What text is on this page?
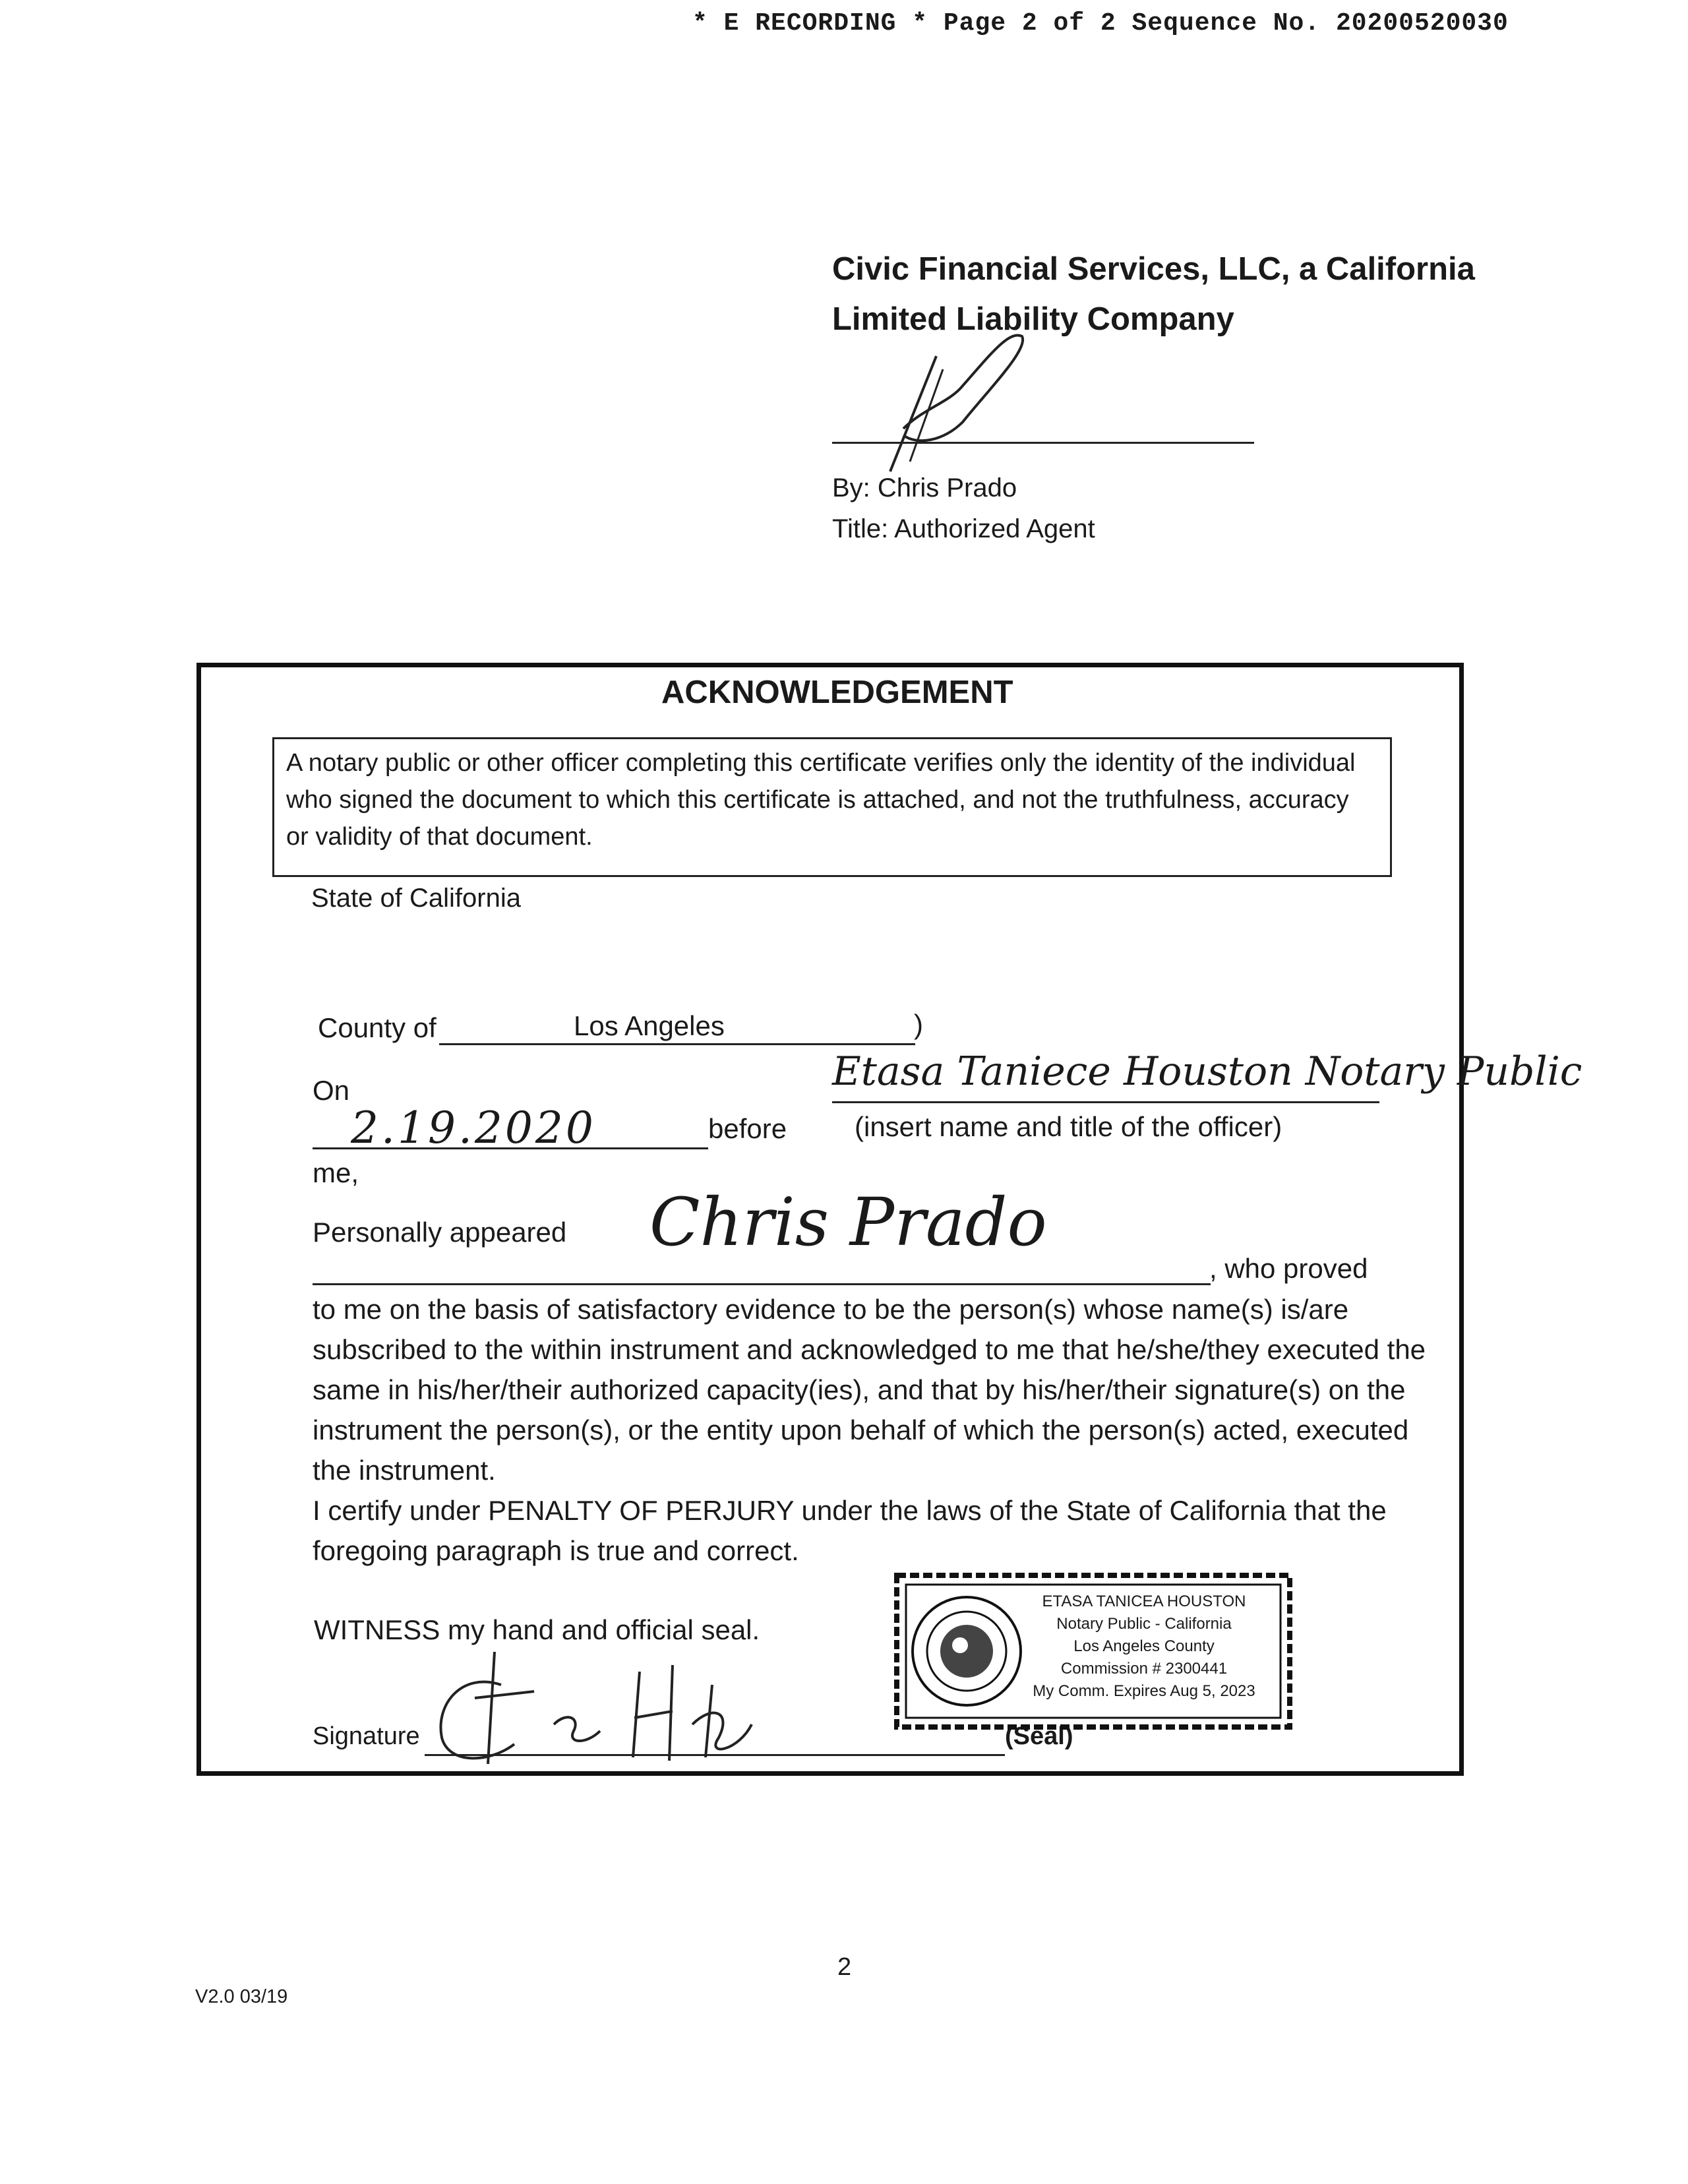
* E RECORDING * Page 2 of 2 Sequence No. 20200520030
Civic Financial Services, LLC, a California
Limited Liability Company
By: Chris Prado
Title: Authorized Agent
ACKNOWLEDGEMENT
A notary public or other officer completing this certificate verifies only the identity of the individual who signed the document to which this certificate is attached, and not the truthfulness, accuracy or validity of that document.
State of California
County of	Los Angeles	)
On	Etasa Taniece Houston Notary Public
2.19.2020	before (insert name and title of the officer)
me,
Personally appeared Chris Prado
, who proved
to me on the basis of satisfactory evidence to be the person(s) whose name(s) is/are subscribed to the within instrument and acknowledged to me that he/she/they executed the same in his/her/their authorized capacity(ies), and that by his/her/their signature(s) on the instrument the person(s), or the entity upon behalf of which the person(s) acted, executed the instrument.
I certify under PENALTY OF PERJURY under the laws of the State of California that the foregoing paragraph is true and correct.
WITNESS my hand and official seal.
Signature	(Seal)
ETASA TANICEA HOUSTON
Notary Public - California
Los Angeles County
Commission # 2300441
My Comm. Expires Aug 5, 2023
2
V2.0 03/19
